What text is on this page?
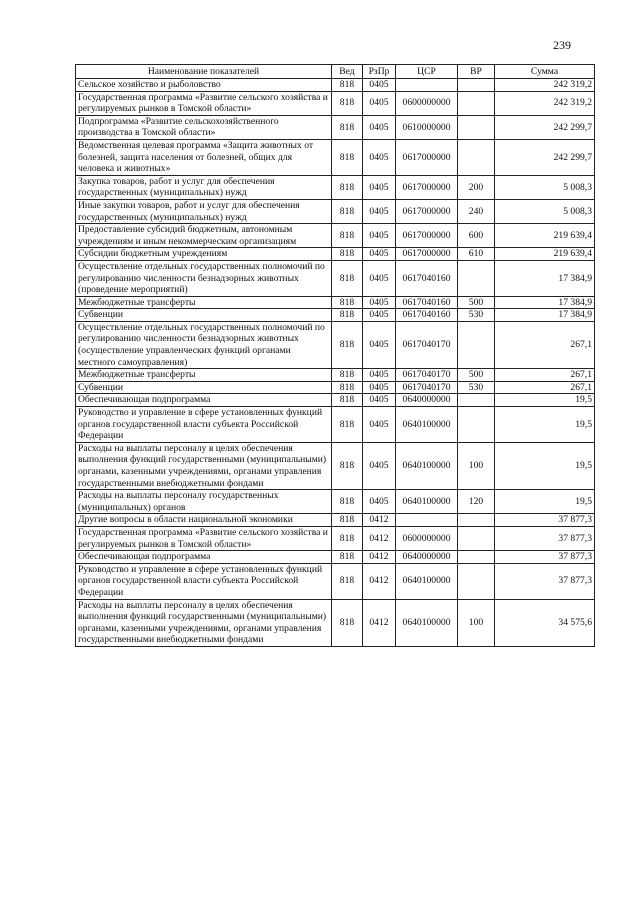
239
Наименование показателей	Вед	РзПр	ЦСР	ВР	Сумма
Сельское хозяйство и рыболовство	818	0405			242 319,2
Государственная программа «Развитие сельского хозяйства и регулируемых рынков в Томской области»	818	0405	0600000000		242 319,2
Подпрограмма «Развитие сельскохозяйственного производства в Томской области»	818	0405	0610000000		242 299,7
Ведомственная целевая программа «Защита животных от болезней, защита населения от болезней, общих для человека и животных»	818	0405	0617000000		242 299,7
Закупка товаров, работ и услуг для обеспечения государственных (муниципальных) нужд	818	0405	0617000000	200	5 008,3
Иные закупки товаров, работ и услуг для обеспечения государственных (муниципальных) нужд	818	0405	0617000000	240	5 008,3
Предоставление субсидий бюджетным, автономным учреждениям и иным некоммерческим организациям	818	0405	0617000000	600	219 639,4
Субсидии бюджетным учреждениям	818	0405	0617000000	610	219 639,4
Осуществление отдельных государственных полномочий по регулированию численности безнадзорных животных (проведение мероприятий)	818	0405	0617040160		17 384,9
Межбюджетные трансферты	818	0405	0617040160	500	17 384,9
Субвенции	818	0405	0617040160	530	17 384,9
Осуществление отдельных государственных полномочий по регулированию численности безнадзорных животных (осуществление управленческих функций органами местного самоуправления)	818	0405	0617040170		267,1
Межбюджетные трансферты	818	0405	0617040170	500	267,1
Субвенции	818	0405	0617040170	530	267,1
Обеспечивающая подпрограмма	818	0405	0640000000		19,5
Руководство и управление в сфере установленных функций органов государственной власти субъекта Российской Федерации	818	0405	0640100000		19,5
Расходы на выплаты персоналу в целях обеспечения выполнения функций государственными (муниципальными) органами, казенными учреждениями, органами управления государственными внебюджетными фондами	818	0405	0640100000	100	19,5
Расходы на выплаты персоналу государственных (муниципальных) органов	818	0405	0640100000	120	19,5
Другие вопросы в области национальной экономики	818	0412			37 877,3
Государственная программа «Развитие сельского хозяйства и регулируемых рынков в Томской области»	818	0412	0600000000		37 877,3
Обеспечивающая подпрограмма	818	0412	0640000000		37 877,3
Руководство и управление в сфере установленных функций органов государственной власти субъекта Российской Федерации	818	0412	0640100000		37 877,3
Расходы на выплаты персоналу в целях обеспечения выполнения функций государственными (муниципальными) органами, казенными учреждениями, органами управления государственными внебюджетными фондами	818	0412	0640100000	100	34 575,6
